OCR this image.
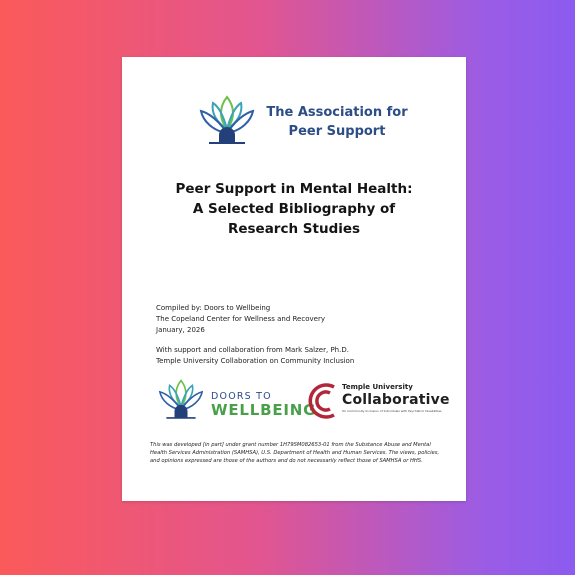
The Association for
Peer Support
Peer Support in Mental Health:
A Selected Bibliography of
Research Studies
Compiled by: Doors to Wellbeing
The Copeland Center for Wellness and Recovery
January, 2026
With support and collaboration from Mark Salzer, Ph.D.
Temple University Collaboration on Community Inclusion
DOORS TO
WELLBEING
Temple University
Collaborative
On Community Inclusion of Individuals with Psychiatric Disabilities
This was developed [in part] under grant number 1H79SM082653-01 from the Substance Abuse and Mental Health Services Administration (SAMHSA), U.S. Department of Health and Human Services. The views, policies, and opinions expressed are those of the authors and do not necessarily reflect those of SAMHSA or HHS.
